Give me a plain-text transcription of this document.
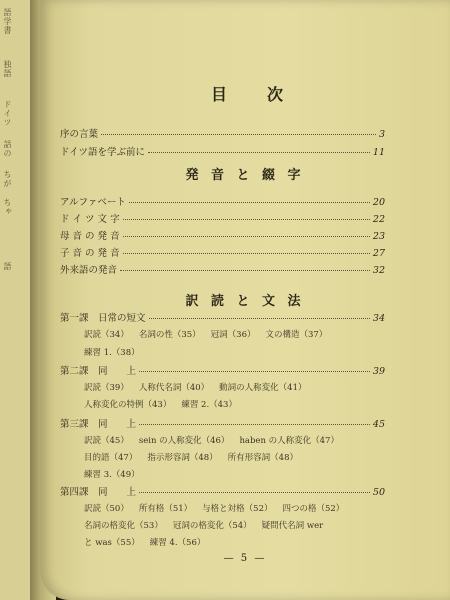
語学書
独語
ドイツ
話の
ちが
ちゃ
語
目　次
序の言葉	3
ドイツ語を学ぶ前に	11
発 音 と 綴 字
アルファベート	20
ド イ ツ 文 字	22
母 音 の 発 音	23
子 音 の 発 音	27
外来語の発音	32
訳 読 と 文 法
第一課　日常の短文	34
訳読（34） 名詞の性（35） 冠詞（36） 文の構造（37）
練習 1.（38）
第二課　同　　上	39
訳読（39） 人称代名詞（40） 動詞の人称変化（41）
人称変化の特例（43） 練習 2.（43）
第三課　同　　上	45
訳読（45） sein の人称変化（46） haben の人称変化（47）
目的語（47） 指示形容詞（48） 所有形容詞（48）
練習 3.（49）
第四課　同　　上	50
訳読（50） 所有格（51） 与格と対格（52） 四つの格（52）
名詞の格変化（53） 冠詞の格変化（54） 疑問代名詞 wer
と was（55） 練習 4.（56）
— 5 —
